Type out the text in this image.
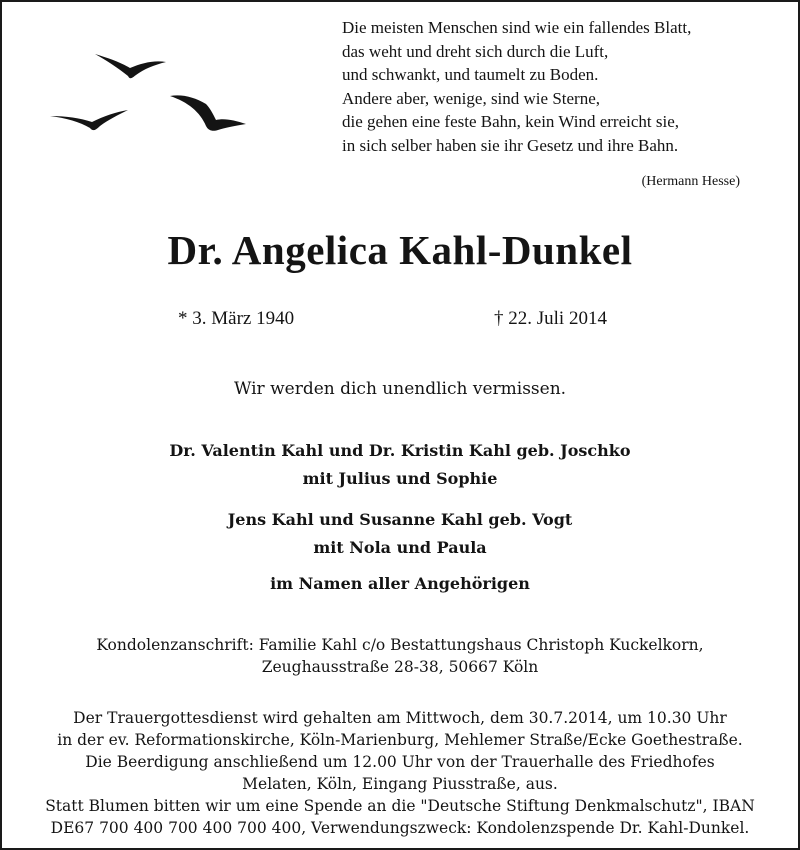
Die meisten Menschen sind wie ein fallendes Blatt,
das weht und dreht sich durch die Luft,
und schwankt, und taumelt zu Boden.
Andere aber, wenige, sind wie Sterne,
die gehen eine feste Bahn, kein Wind erreicht sie,
in sich selber haben sie ihr Gesetz und ihre Bahn.
(Hermann Hesse)
Dr. Angelica Kahl-Dunkel
* 3. März 1940	† 22. Juli 2014
Wir werden dich unendlich vermissen.
Dr. Valentin Kahl und Dr. Kristin Kahl geb. Joschko
mit Julius und Sophie
Jens Kahl und Susanne Kahl geb. Vogt
mit Nola und Paula
im Namen aller Angehörigen
Kondolenzanschrift: Familie Kahl c/o Bestattungshaus Christoph Kuckelkorn,
Zeughausstraße 28-38, 50667 Köln
Der Trauergottesdienst wird gehalten am Mittwoch, dem 30.7.2014, um 10.30 Uhr
in der ev. Reformationskirche, Köln-Marienburg, Mehlemer Straße/Ecke Goethestraße.
Die Beerdigung anschließend um 12.00 Uhr von der Trauerhalle des Friedhofes
Melaten, Köln, Eingang Piusstraße, aus.
Statt Blumen bitten wir um eine Spende an die "Deutsche Stiftung Denkmalschutz", IBAN
DE67 700 400 700 400 700 400, Verwendungszweck: Kondolenzspende Dr. Kahl-Dunkel.
